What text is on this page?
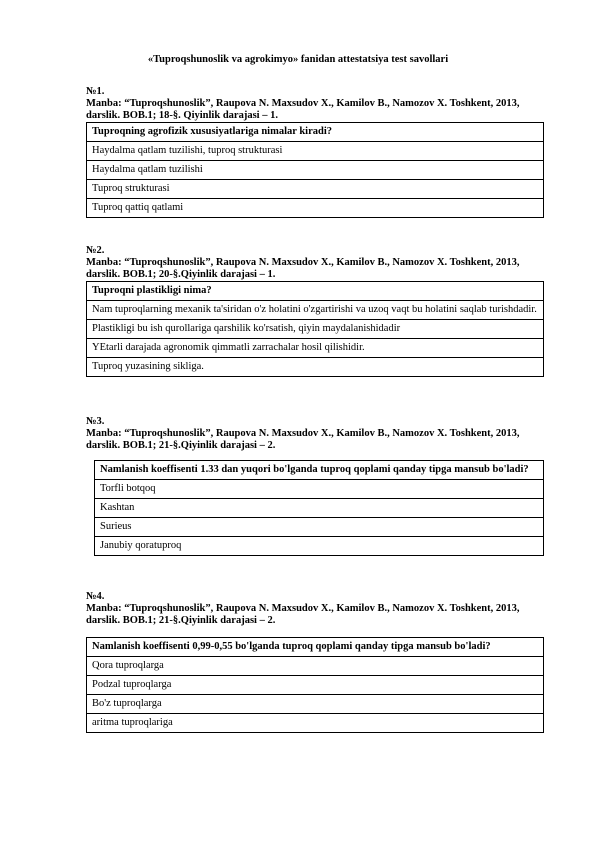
«Tuproqshunoslik va agrokimyo» fanidan attestatsiya test savollari
№1.
Manba: “Tuproqshunoslik”, Raupova N. Maxsudov X., Kamilov B., Namozov X. Toshkent, 2013, darslik. BOB.1; 18-§. Qiyinlik darajasi – 1.
Tuproqning agrofizik xususiyatlariga nimalar kiradi?
Haydalma qatlam tuzilishi, tuproq strukturasi
Haydalma qatlam tuzilishi
Tuproq strukturasi
Tuproq qattiq qatlami
№2.
Manba: “Tuproqshunoslik”, Raupova N. Maxsudov X., Kamilov B., Namozov X. Toshkent, 2013, darslik. BOB.1; 20-§.Qiyinlik darajasi – 1.
Tuproqni plastikligi nima?
Nam tuproqlarning mexanik ta'siridan o'z holatini o'zgartirishi va uzoq vaqt bu holatini saqlab turishdadir.
Plastikligi bu ish qurollariga qarshilik ko'rsatish, qiyin maydalanishidadir
YEtarli darajada agronomik qimmatli zarrachalar hosil qilishidir.
Tuproq yuzasining sikliga.
№3.
Manba: “Tuproqshunoslik”, Raupova N. Maxsudov X., Kamilov B., Namozov X. Toshkent, 2013, darslik. BOB.1; 21-§.Qiyinlik darajasi – 2.
Namlanish koeffisenti 1.33 dan yuqori bo'lganda tuproq qoplami qanday tipga mansub bo'ladi?
Torfli botqoq
Kashtan
Surieus
Janubiy qoratuproq
№4.
Manba: “Tuproqshunoslik”, Raupova N. Maxsudov X., Kamilov B., Namozov X. Toshkent, 2013, darslik. BOB.1; 21-§.Qiyinlik darajasi – 2.
Namlanish koeffisenti 0,99-0,55 bo'lganda tuproq qoplami qanday tipga mansub bo'ladi?
Qora tuproqlarga
Podzal tuproqlarga
Bo'z tuproqlarga
aritma tuproqlariga
